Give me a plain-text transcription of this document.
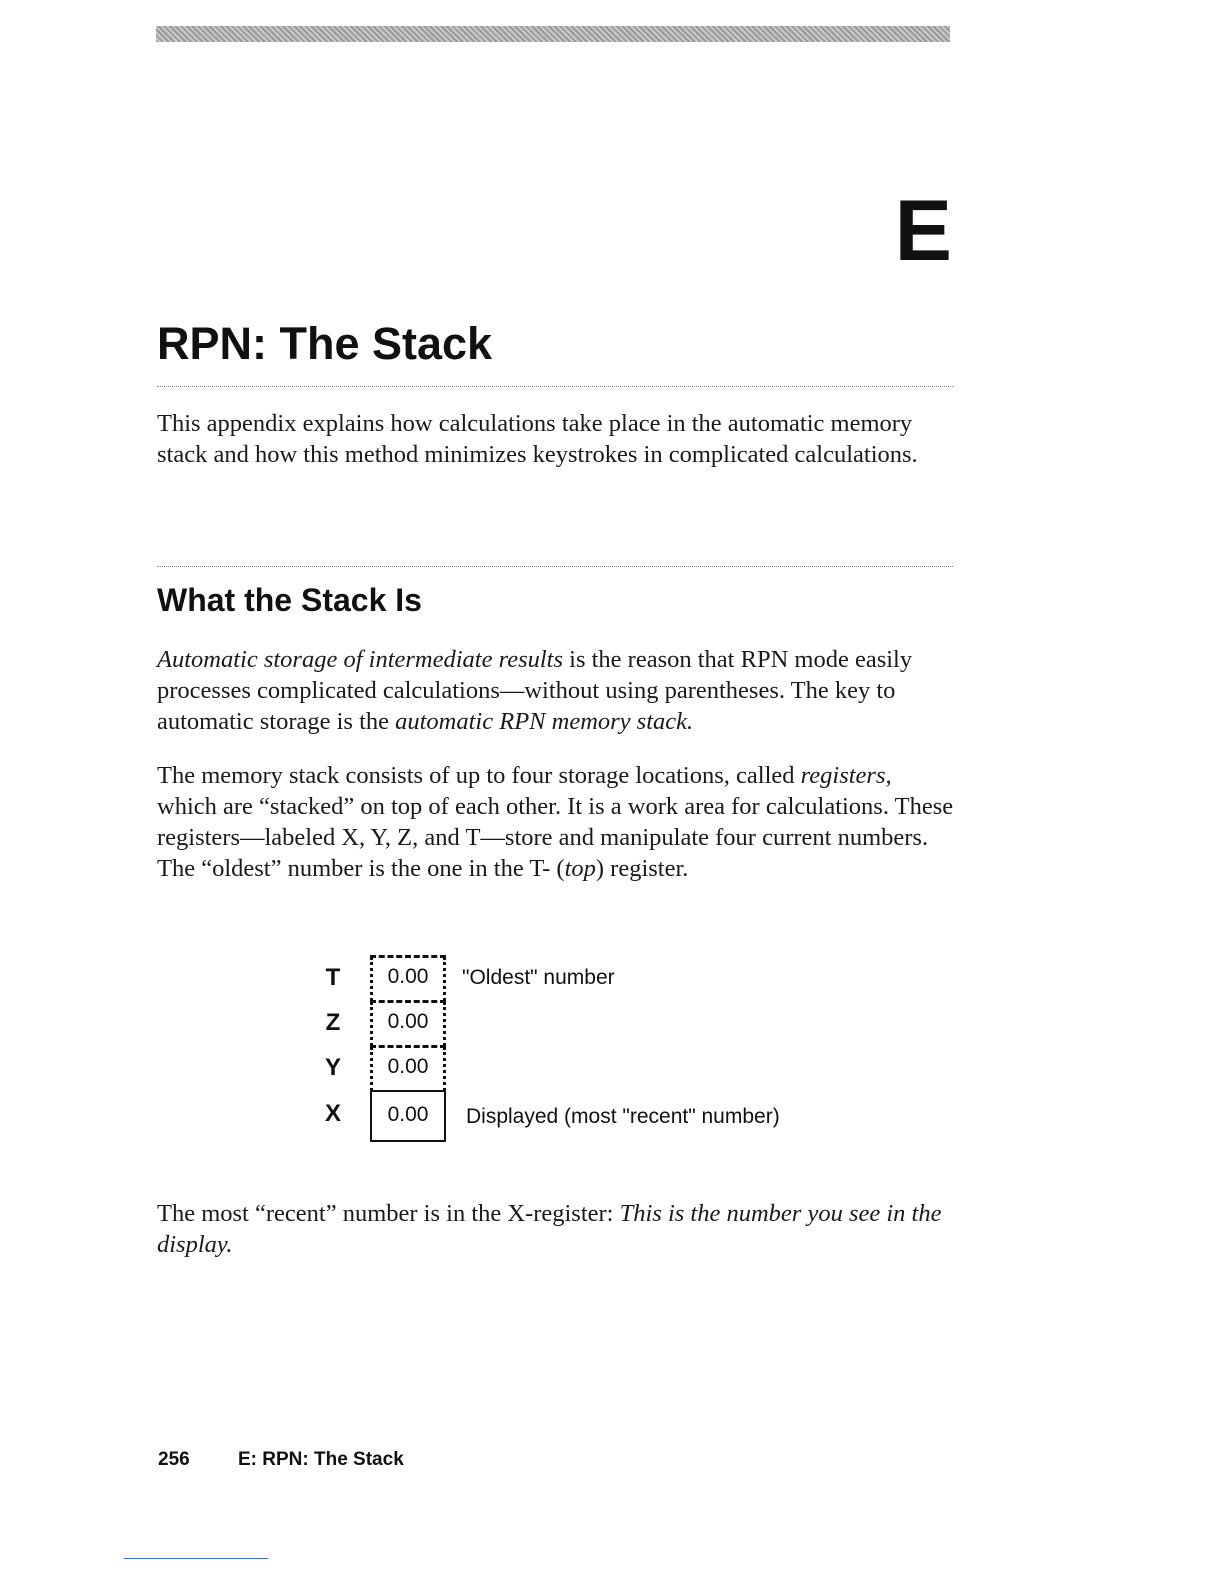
E
RPN: The Stack

This appendix explains how calculations take place in the automatic memory stack and how this method minimizes keystrokes in complicated calculations.

What the Stack Is

Automatic storage of intermediate results is the reason that RPN mode easily processes complicated calculations—without using parentheses. The key to automatic storage is the automatic RPN memory stack.

The memory stack consists of up to four storage locations, called registers, which are “stacked” on top of each other. It is a work area for calculations. These registers—labeled X, Y, Z, and T—store and manipulate four current numbers. The “oldest” number is the one in the T- (top) register.

T	0.00	"Oldest" number
Z	0.00
Y	0.00
X	0.00	Displayed (most "recent" number)

The most “recent” number is in the X-register: This is the number you see in the display.

256	E: RPN: The Stack
